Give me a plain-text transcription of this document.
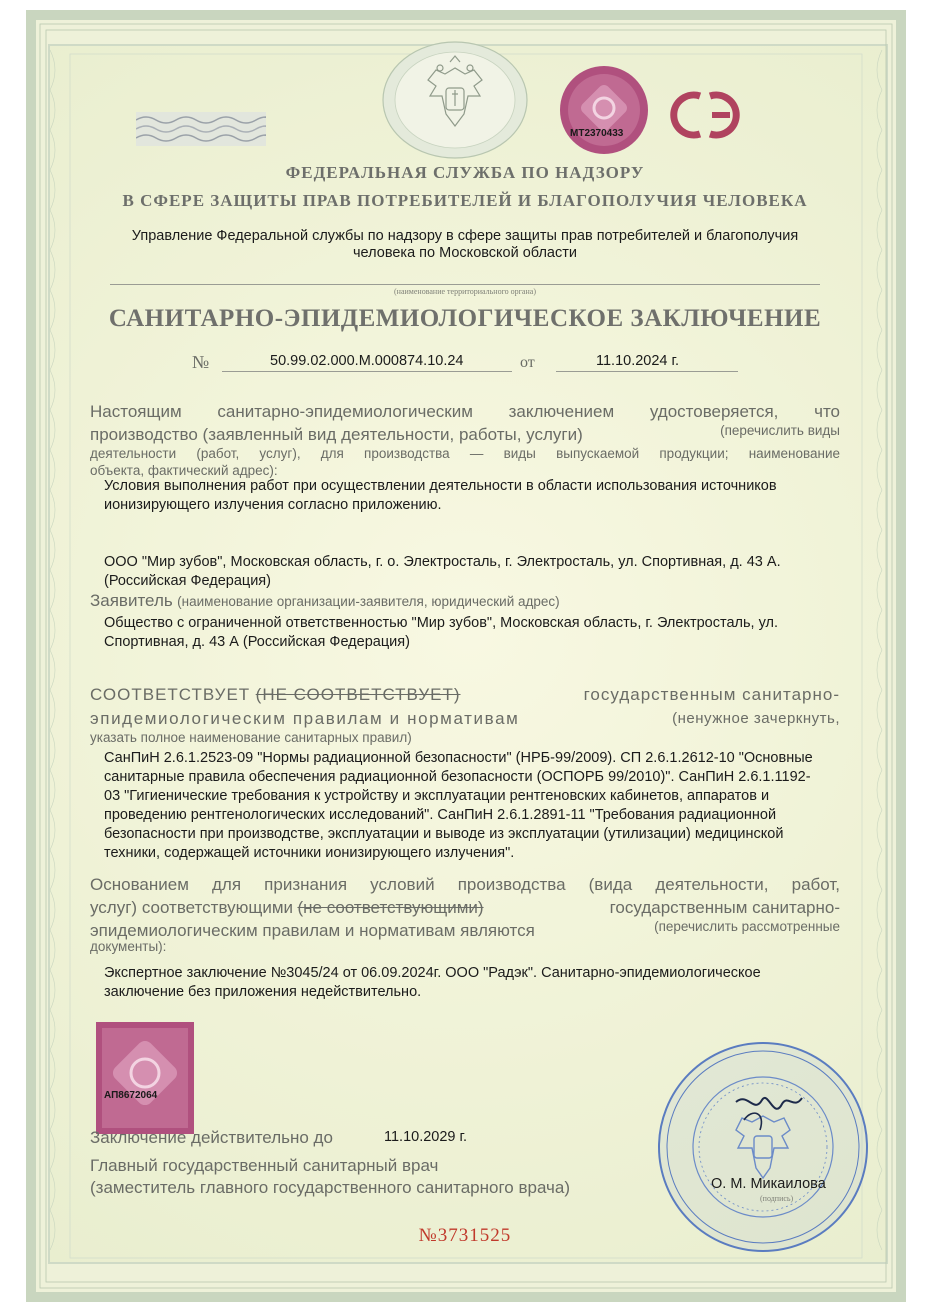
MT2370433
ФЕДЕРАЛЬНАЯ СЛУЖБА ПО НАДЗОРУ
В СФЕРЕ ЗАЩИТЫ ПРАВ ПОТРЕБИТЕЛЕЙ И БЛАГОПОЛУЧИЯ ЧЕЛОВЕКА
Управление Федеральной службы по надзору в сфере защиты прав потребителей и благополучия
человека по Московской области
(наименование территориального органа)
САНИТАРНО-ЭПИДЕМИОЛОГИЧЕСКОЕ ЗАКЛЮЧЕНИЕ
№	50.99.02.000.М.000874.10.24	от	11.10.2024 г.
Настоящим санитарно-эпидемиологическим заключением удостоверяется, что
производство (заявленный вид деятельности, работы, услуги)	(перечислить виды
деятельности (работ, услуг), для производства — виды выпускаемой продукции; наименование
объекта, фактический адрес):
Условия выполнения работ при осуществлении деятельности в области использования источников
ионизирующего излучения согласно приложению.
ООО "Мир зубов", Московская область, г. о. Электросталь, г. Электросталь, ул. Спортивная, д. 43 А.
(Российская Федерация)
Заявитель (наименование организации-заявителя, юридический адрес)
Общество с ограниченной ответственностью "Мир зубов", Московская область, г. Электросталь, ул.
Спортивная, д. 43 А (Российская Федерация)
СООТВЕТСТВУЕТ (НЕ СООТВЕТСТВУЕТ)	государственным санитарно-
эпидемиологическим правилам и нормативам	(ненужное зачеркнуть,
указать полное наименование санитарных правил)
СанПиН 2.6.1.2523-09 "Нормы радиационной безопасности" (НРБ-99/2009). СП 2.6.1.2612-10 "Основные
санитарные правила обеспечения радиационной безопасности (ОСПОРБ 99/2010)". СанПиН 2.6.1.1192-
03 "Гигиенические требования к устройству и эксплуатации рентгеновских кабинетов, аппаратов и
проведению рентгенологических исследований". СанПиН 2.6.1.2891-11 "Требования радиационной
безопасности при производстве, эксплуатации и выводе из эксплуатации (утилизации) медицинской
техники, содержащей источники ионизирующего излучения".
Основанием для признания условий производства (вида деятельности, работ,
услуг) соответствующими (не соответствующими)	государственным санитарно-
эпидемиологическим правилам и нормативам являются	(перечислить рассмотренные
документы):
Экспертное заключение №3045/24 от 06.09.2024г. ООО "Радэк". Санитарно-эпидемиологическое
заключение без приложения недействительно.
АП8672064
Заключение действительно до	11.10.2029 г.
Главный государственный санитарный врач
(заместитель главного государственного санитарного врача)	О. М. Микаилова
(подпись)
№3731525
